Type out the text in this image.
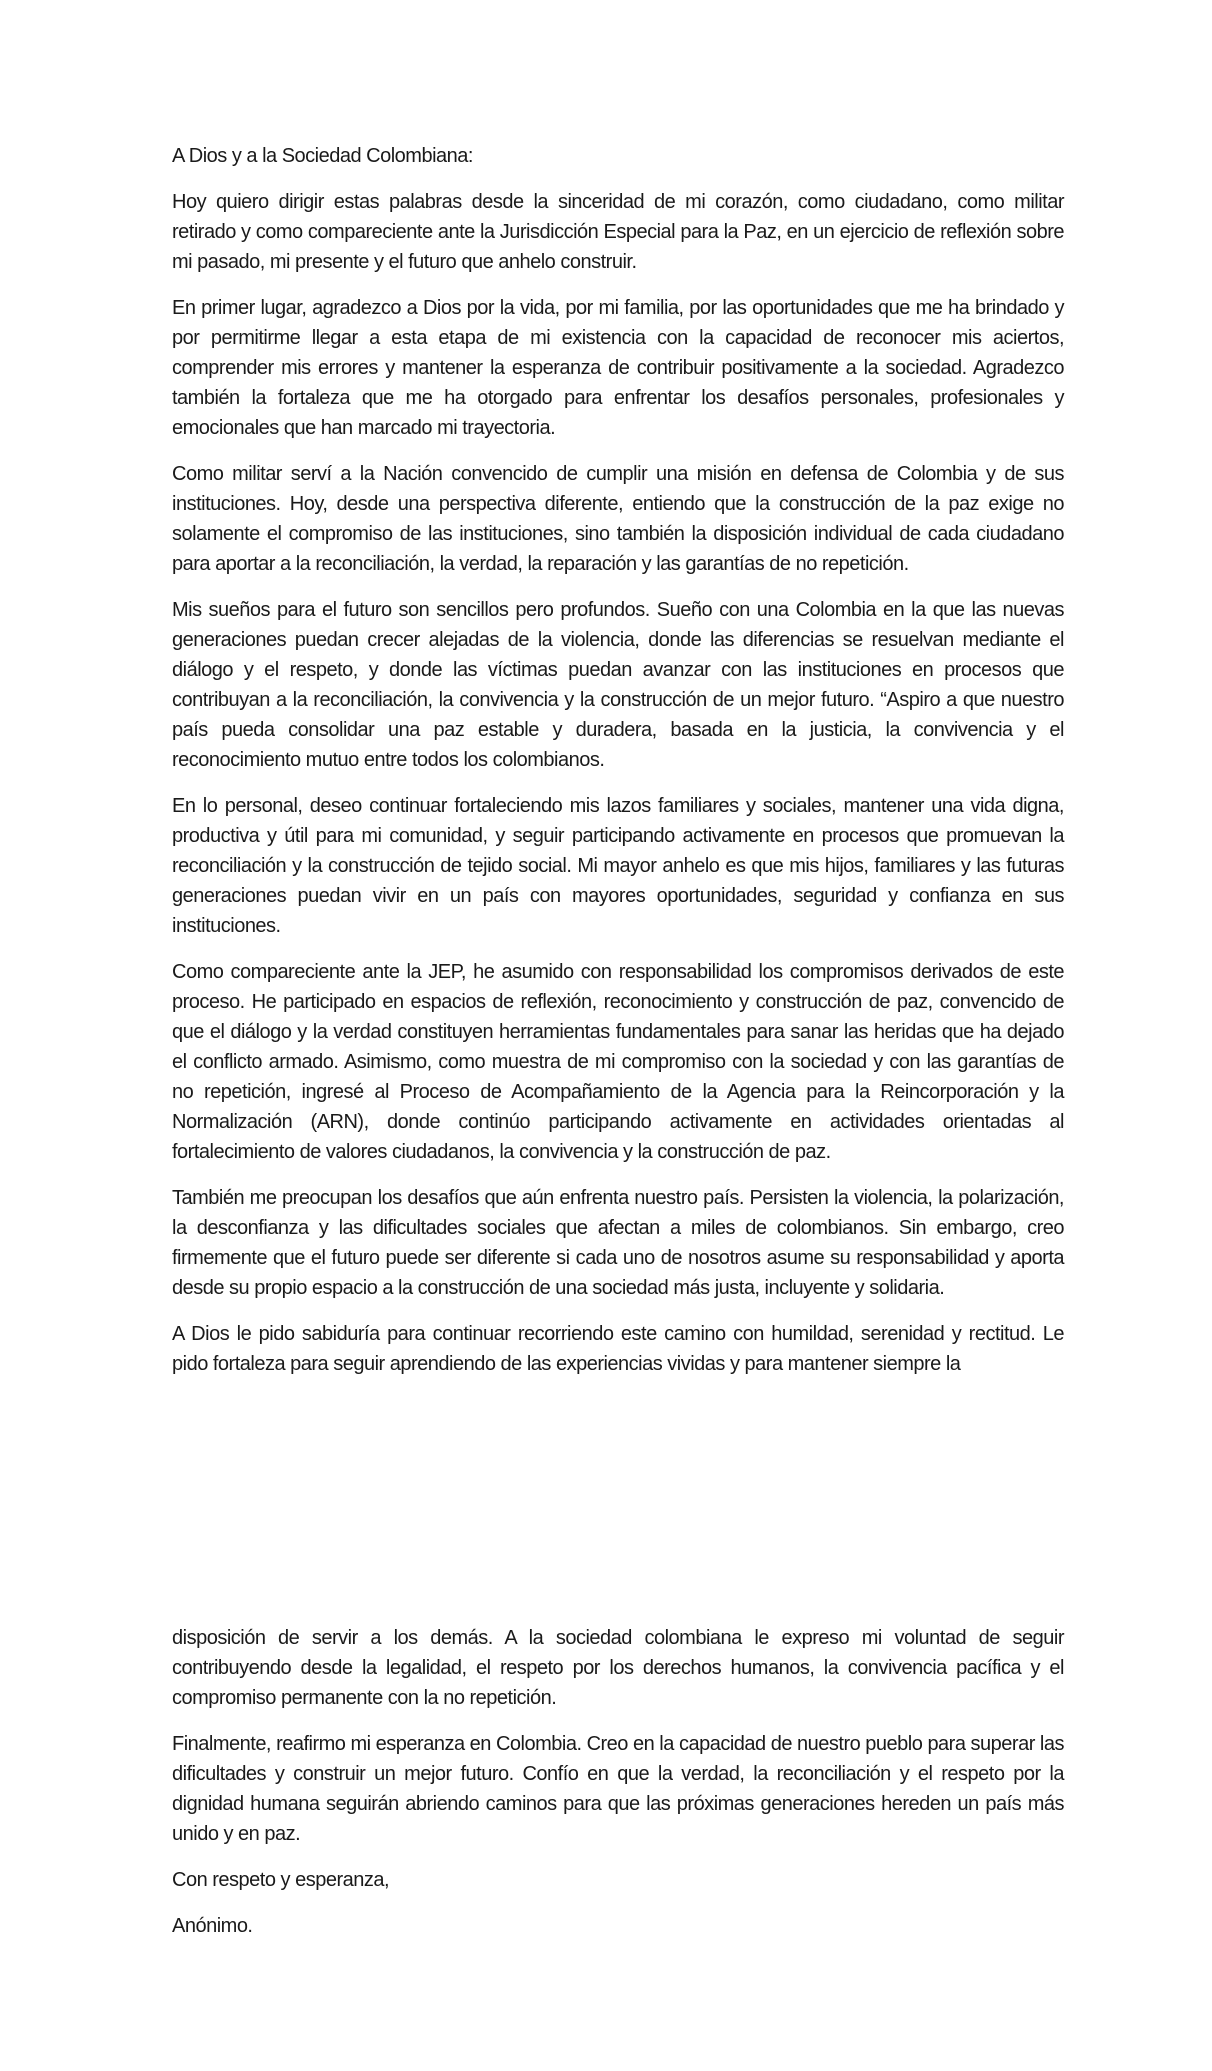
A Dios y a la Sociedad Colombiana:

Hoy quiero dirigir estas palabras desde la sinceridad de mi corazón, como ciudadano, como militar retirado y como compareciente ante la Jurisdicción Especial para la Paz, en un ejercicio de reflexión sobre mi pasado, mi presente y el futuro que anhelo construir.

En primer lugar, agradezco a Dios por la vida, por mi familia, por las oportunidades que me ha brindado y por permitirme llegar a esta etapa de mi existencia con la capacidad de reconocer mis aciertos, comprender mis errores y mantener la esperanza de contribuir positivamente a la sociedad. Agradezco también la fortaleza que me ha otorgado para enfrentar los desafíos personales, profesionales y emocionales que han marcado mi trayectoria.

Como militar serví a la Nación convencido de cumplir una misión en defensa de Colombia y de sus instituciones. Hoy, desde una perspectiva diferente, entiendo que la construcción de la paz exige no solamente el compromiso de las instituciones, sino también la disposición individual de cada ciudadano para aportar a la reconciliación, la verdad, la reparación y las garantías de no repetición.

Mis sueños para el futuro son sencillos pero profundos. Sueño con una Colombia en la que las nuevas generaciones puedan crecer alejadas de la violencia, donde las diferencias se resuelvan mediante el diálogo y el respeto, y donde las víctimas puedan avanzar con las instituciones en procesos que contribuyan a la reconciliación, la convivencia y la construcción de un mejor futuro. “Aspiro a que nuestro país pueda consolidar una paz estable y duradera, basada en la justicia, la convivencia y el reconocimiento mutuo entre todos los colombianos.

En lo personal, deseo continuar fortaleciendo mis lazos familiares y sociales, mantener una vida digna, productiva y útil para mi comunidad, y seguir participando activamente en procesos que promuevan la reconciliación y la construcción de tejido social. Mi mayor anhelo es que mis hijos, familiares y las futuras generaciones puedan vivir en un país con mayores oportunidades, seguridad y confianza en sus instituciones.

Como compareciente ante la JEP, he asumido con responsabilidad los compromisos derivados de este proceso. He participado en espacios de reflexión, reconocimiento y construcción de paz, convencido de que el diálogo y la verdad constituyen herramientas fundamentales para sanar las heridas que ha dejado el conflicto armado. Asimismo, como muestra de mi compromiso con la sociedad y con las garantías de no repetición, ingresé al Proceso de Acompañamiento de la Agencia para la Reincorporación y la Normalización (ARN), donde continúo participando activamente en actividades orientadas al fortalecimiento de valores ciudadanos, la convivencia y la construcción de paz.

También me preocupan los desafíos que aún enfrenta nuestro país. Persisten la violencia, la polarización, la desconfianza y las dificultades sociales que afectan a miles de colombianos. Sin embargo, creo firmemente que el futuro puede ser diferente si cada uno de nosotros asume su responsabilidad y aporta desde su propio espacio a la construcción de una sociedad más justa, incluyente y solidaria.

A Dios le pido sabiduría para continuar recorriendo este camino con humildad, serenidad y rectitud. Le pido fortaleza para seguir aprendiendo de las experiencias vividas y para mantener siempre la

disposición de servir a los demás. A la sociedad colombiana le expreso mi voluntad de seguir contribuyendo desde la legalidad, el respeto por los derechos humanos, la convivencia pacífica y el compromiso permanente con la no repetición.

Finalmente, reafirmo mi esperanza en Colombia. Creo en la capacidad de nuestro pueblo para superar las dificultades y construir un mejor futuro. Confío en que la verdad, la reconciliación y el respeto por la dignidad humana seguirán abriendo caminos para que las próximas generaciones hereden un país más unido y en paz.

Con respeto y esperanza,

Anónimo.
